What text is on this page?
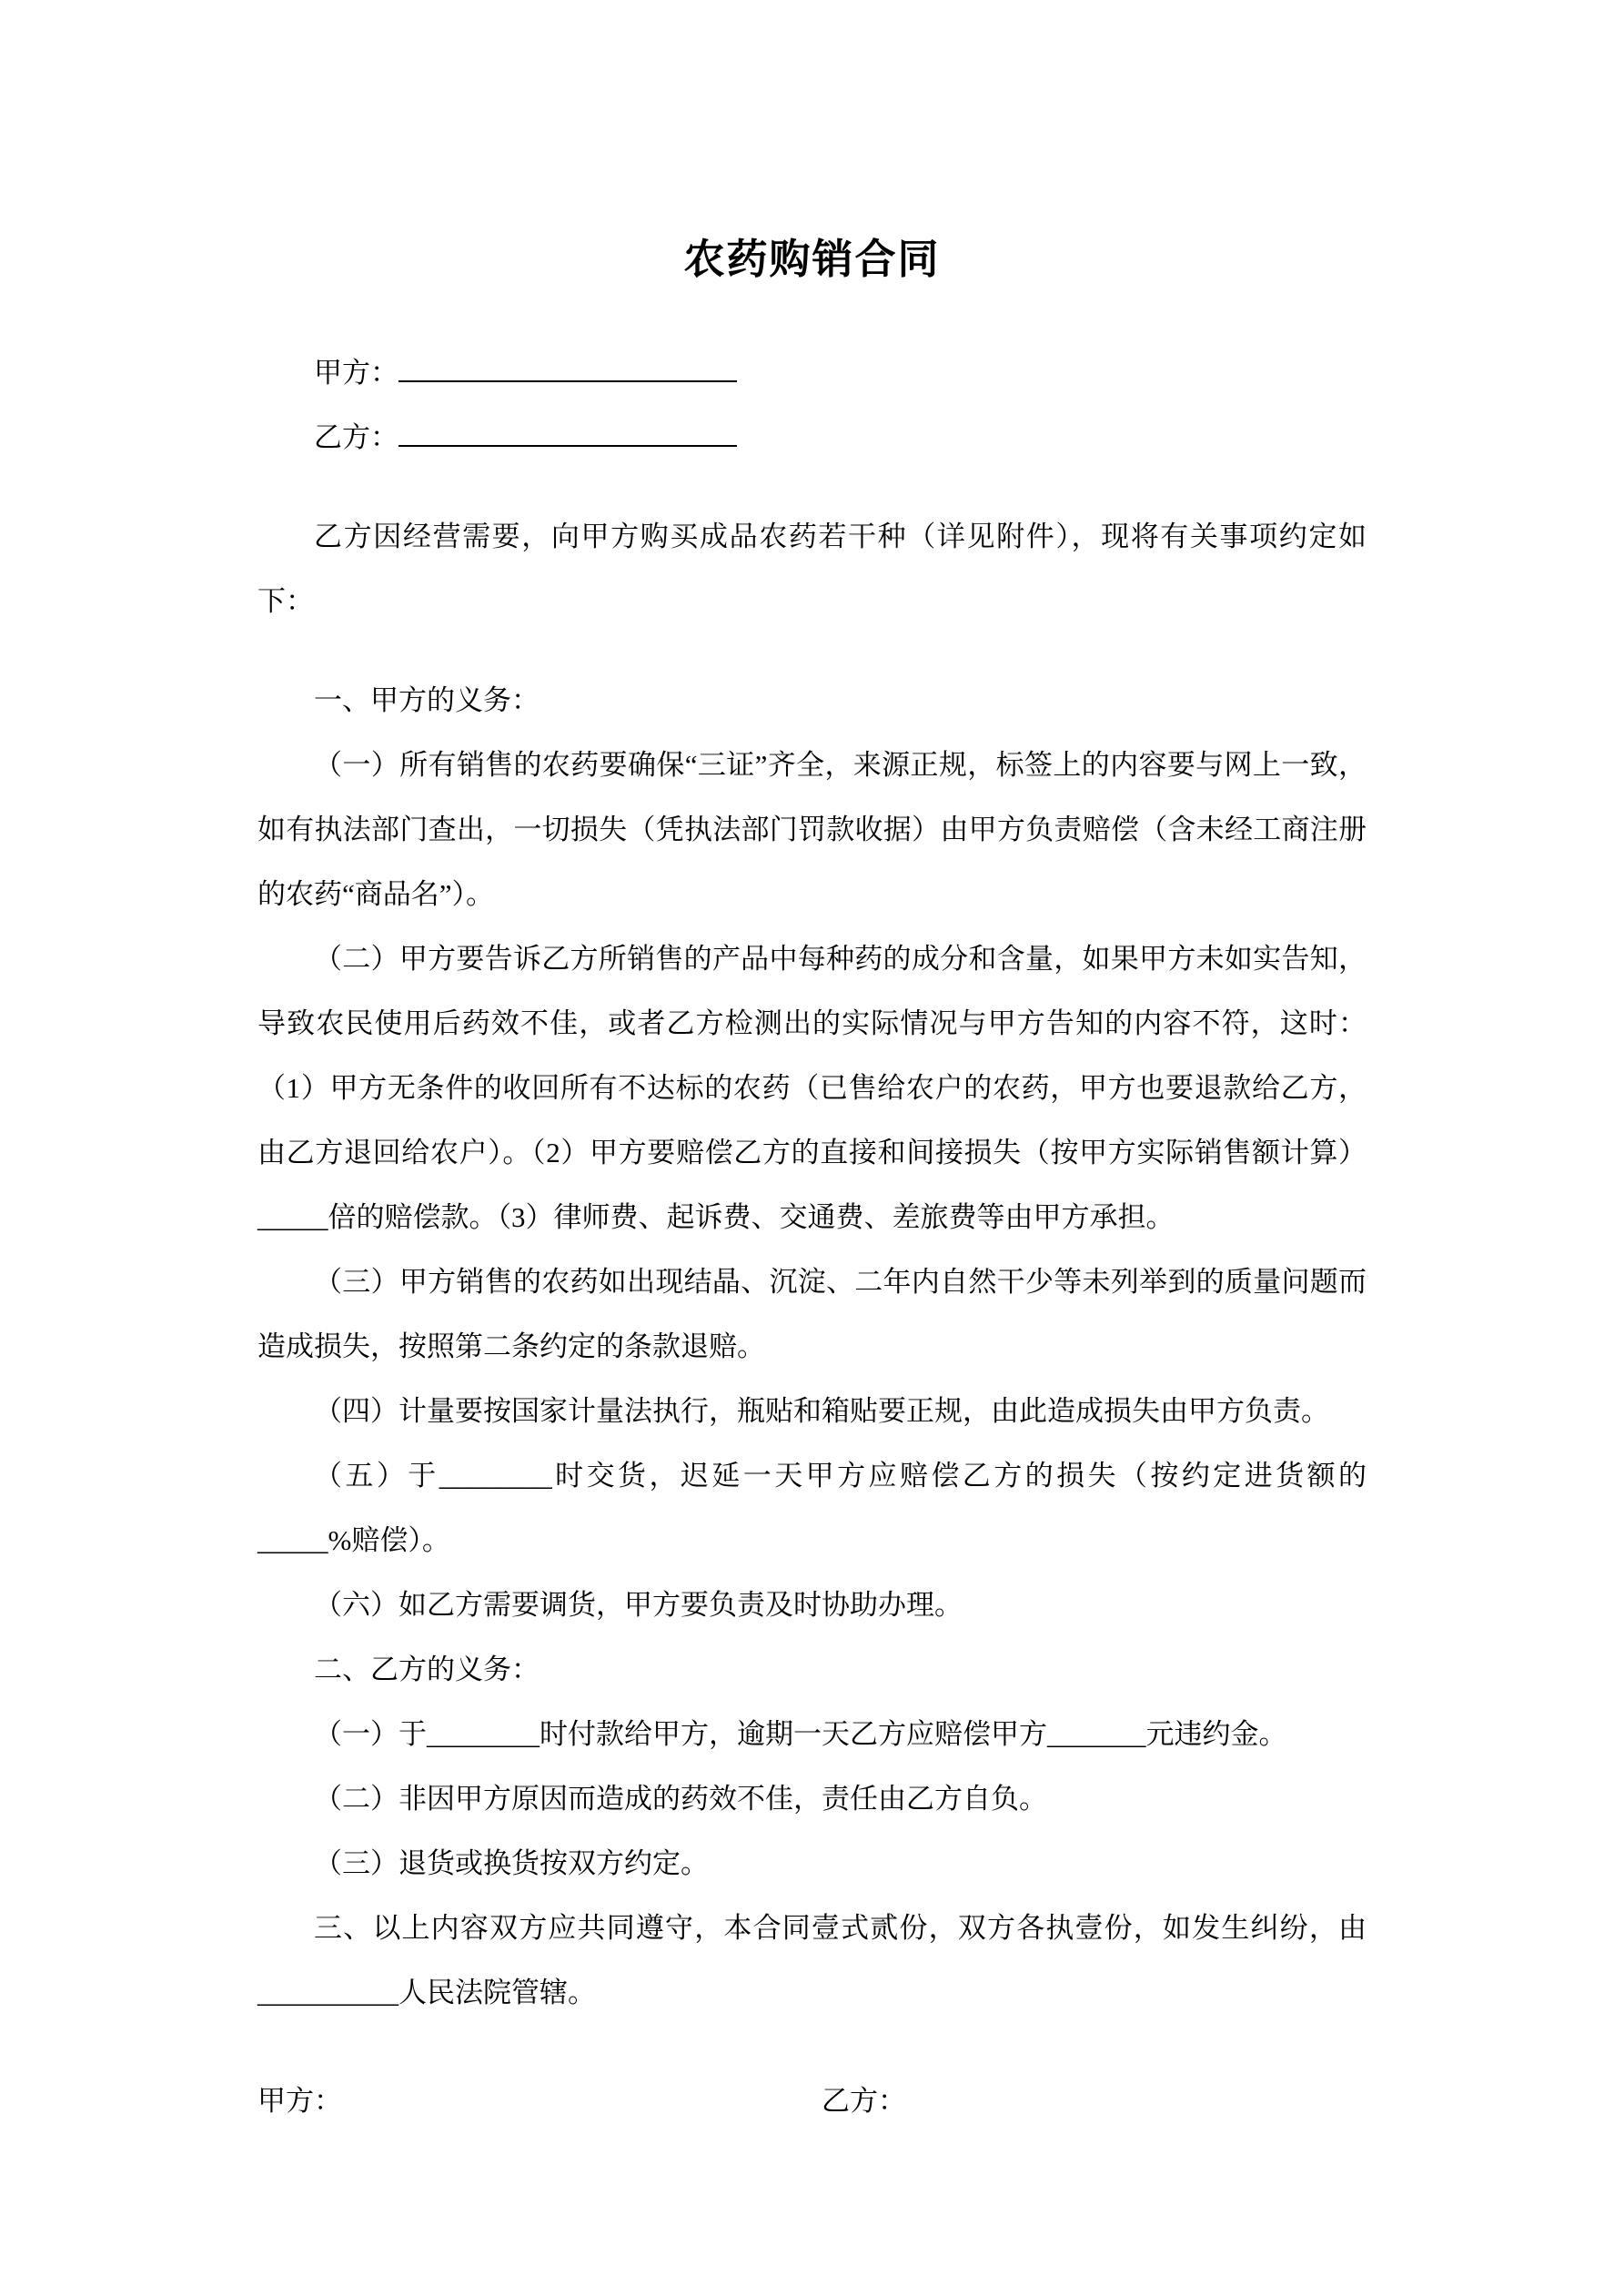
农药购销合同
甲方：
乙方：

乙方因经营需要，向甲方购买成品农药若干种（详见附件），现将有关事项约定如下：

一、甲方的义务：

（一）所有销售的农药要确保“三证”齐全，来源正规，标签上的内容要与网上一致，如有执法部门查出，一切损失（凭执法部门罚款收据）由甲方负责赔偿（含未经工商注册的农药“商品名”）。

（二）甲方要告诉乙方所销售的产品中每种药的成分和含量，如果甲方未如实告知，导致农民使用后药效不佳，或者乙方检测出的实际情况与甲方告知的内容不符，这时：（1）甲方无条件的收回所有不达标的农药（已售给农户的农药，甲方也要退款给乙方，由乙方退回给农户）。（2）甲方要赔偿乙方的直接和间接损失（按甲方实际销售额计算）_____倍的赔偿款。（3）律师费、起诉费、交通费、差旅费等由甲方承担。

（三）甲方销售的农药如出现结晶、沉淀、二年内自然干少等未列举到的质量问题而造成损失，按照第二条约定的条款退赔。

（四）计量要按国家计量法执行，瓶贴和箱贴要正规，由此造成损失由甲方负责。

（五）于________时交货，迟延一天甲方应赔偿乙方的损失（按约定进货额的_____%赔偿）。

（六）如乙方需要调货，甲方要负责及时协助办理。

二、乙方的义务：

（一）于________时付款给甲方，逾期一天乙方应赔偿甲方_______元违约金。

（二）非因甲方原因而造成的药效不佳，责任由乙方自负。

（三）退货或换货按双方约定。

三、以上内容双方应共同遵守，本合同壹式贰份，双方各执壹份，如发生纠纷，由__________人民法院管辖。

甲方：	乙方：
